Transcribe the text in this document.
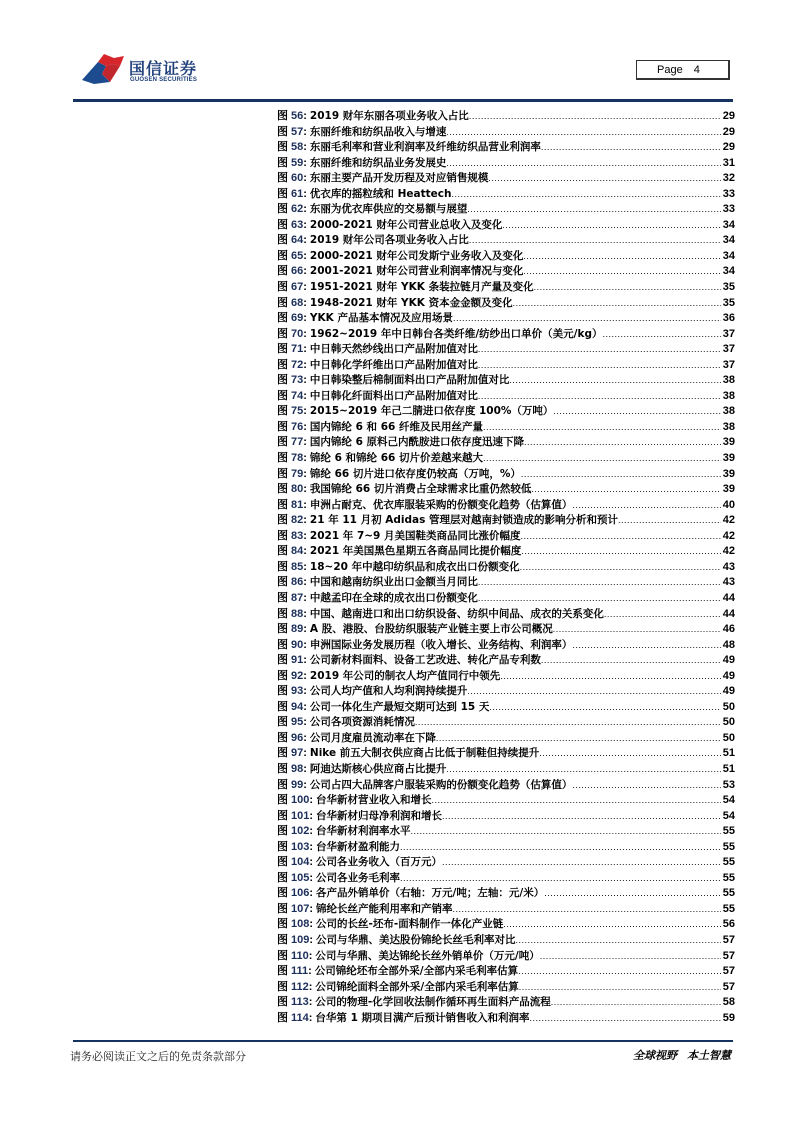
国信证券
GUOSEN SECURITIES
Page 4
图 56 : 2019 财年东丽各项业务收入占比 .....	29
图 57 : 东丽纤维和纺织品收入与增速 .....	29
图 58 : 东丽毛利率和营业利润率及纤维纺织品营业利润率 .....	29
图 59 : 东丽纤维和纺织品业务发展史 .....	31
图 60 : 东丽主要产品开发历程及对应销售规模 .....	32
图 61 : 优衣库的摇粒绒和 Heattech .....	33
图 62 : 东丽为优衣库供应的交易额与展望 .....	33
图 63 : 2000-2021 财年公司营业总收入及变化 .....	34
图 64 : 2019 财年公司各项业务收入占比 .....	34
图 65 : 2000-2021 财年公司发斯宁业务收入及变化 .....	34
图 66 : 2001-2021 财年公司营业利润率情况与变化 .....	34
图 67 : 1951-2021 财年 YKK 条装拉链月产量及变化 .....	35
图 68 : 1948-2021 财年 YKK 资本金金额及变化 .....	35
图 69 : YKK 产品基本情况及应用场景 .....	36
图 70 : 1962~2019 年中日韩台各类纤维/纺纱出口单价（美元/kg） .....	37
图 71 : 中日韩天然纱线出口产品附加值对比 .....	37
图 72 : 中日韩化学纤维出口产品附加值对比 .....	37
图 73 : 中日韩染整后棉制面料出口产品附加值对比 .....	38
图 74 : 中日韩化纤面料出口产品附加值对比 .....	38
图 75 : 2015~2019 年己二腈进口依存度 100%（万吨） .....	38
图 76 : 国内锦纶 6 和 66 纤维及民用丝产量 .....	38
图 77 : 国内锦纶 6 原料己内酰胺进口依存度迅速下降 .....	39
图 78 : 锦纶 6 和锦纶 66 切片价差越来越大 .....	39
图 79 : 锦纶 66 切片进口依存度仍较高（万吨，%） .....	39
图 80 : 我国锦纶 66 切片消费占全球需求比重仍然较低 .....	39
图 81 : 申洲占耐克、优衣库服装采购的份额变化趋势（估算值） .....	40
图 82 : 21 年 11 月初 Adidas 管理层对越南封锁造成的影响分析和预计 .....	42
图 83 : 2021 年 7~9 月美国鞋类商品同比涨价幅度 .....	42
图 84 : 2021 年美国黑色星期五各商品同比提价幅度 .....	42
图 85 : 18~20 年中越印纺织品和成衣出口份额变化 .....	43
图 86 : 中国和越南纺织业出口金额当月同比 .....	43
图 87 : 中越孟印在全球的成衣出口份额变化 .....	44
图 88 : 中国、越南进口和出口纺织设备、纺织中间品、成衣的关系变化 .....	44
图 89 : A 股、港股、台股纺织服装产业链主要上市公司概况 .....	46
图 90 : 申洲国际业务发展历程（收入增长、业务结构、利润率） .....	48
图 91 : 公司新材料面料、设备工艺改进、转化产品专利数 .....	49
图 92 : 2019 年公司的制衣人均产值同行中领先 .....	49
图 93 : 公司人均产值和人均利润持续提升 .....	49
图 94 : 公司一体化生产最短交期可达到 15 天 .....	50
图 95 : 公司各项资源消耗情况 .....	50
图 96 : 公司月度雇员流动率在下降 .....	50
图 97 : Nike 前五大制衣供应商占比低于制鞋但持续提升 .....	51
图 98 : 阿迪达斯核心供应商占比提升 .....	51
图 99 : 公司占四大品牌客户服装采购的份额变化趋势（估算值） .....	53
图 100 : 台华新材营业收入和增长 .....	54
图 101 : 台华新材归母净利润和增长 .....	54
图 102 : 台华新材利润率水平 .....	55
图 103 : 台华新材盈利能力 .....	55
图 104 : 公司各业务收入（百万元） .....	55
图 105 : 公司各业务毛利率 .....	55
图 106 : 各产品外销单价（右轴：万元/吨；左轴：元/米） .....	55
图 107 : 锦纶长丝产能利用率和产销率 .....	55
图 108 : 公司的长丝-坯布-面料制作一体化产业链 .....	56
图 109 : 公司与华鼎、美达股份锦纶长丝毛利率对比 .....	57
图 110 : 公司与华鼎、美达锦纶长丝外销单价（万元/吨） .....	57
图 111 : 公司锦纶坯布全部外采/全部内采毛利率估算 .....	57
图 112 : 公司锦纶面料全部外采/全部内采毛利率估算 .....	57
图 113 : 公司的物理-化学回收法制作循环再生面料产品流程 .....	58
图 114 : 台华第 1 期项目满产后预计销售收入和利润率 .....	59
请务必阅读正文之后的免责条款部分	全球视野 本土智慧
